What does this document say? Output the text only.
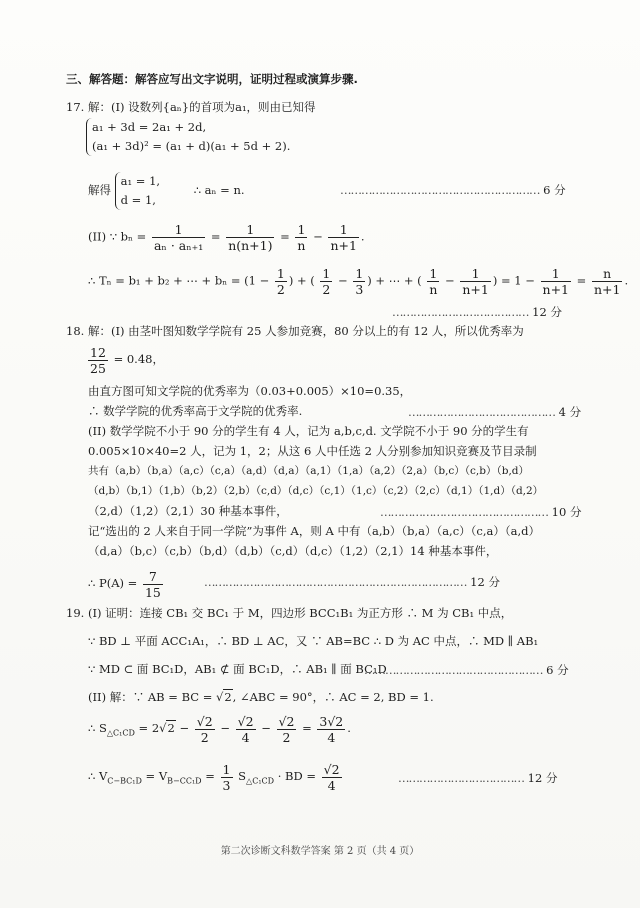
三、解答题：解答应写出文字说明，证明过程或演算步骤.
17. 解：(I) 设数列{aₙ}的首项为a₁，则由已知得
a₁ + 3d = 2a₁ + 2d,
(a₁ + 3d)² = (a₁ + d)(a₁ + 5d + 2).
解得
a₁ = 1,
d = 1,
∴ aₙ = n.	………………………………………………… 6 分
(II) ∵ $b_n = \frac{1}{\text{aₙ · aₙ₊₁}} = \frac{1}{n(n+1)} = \frac{1}{n} - \frac{1}{n+1}$ .
∴ Tₙ = b₁ + b₂ + ⋯ + $b_n = (1 - \frac{1}{2}$ ) + ( $\frac{1}{2} - \frac{1}{3}$ ) + ⋯ + ( $\frac{1}{n} - \frac{1}{n+1}$ ) = $1 - \frac{1}{n+1} = \frac{n}{n+1}$ .
………………………………… 12 分
18. 解：(I) 由茎叶图知数学学院有 25 人参加竞赛，80 分以上的有 12 人，所以优秀率为
$\frac{12}{25} = 0.48$，
由直方图可知文学院的优秀率为（0.03+0.005）×10=0.35，
∴ 数学学院的优秀率高于文学院的优秀率.	…………………………………… 4 分
(II) 数学学院不小于 90 分的学生有 4 人，记为 a,b,c,d. 文学院不小于 90 分的学生有
0.005×10×40=2 人，记为 1，2；从这 6 人中任选 2 人分别参加知识竞赛及节目录制
共有（a,b）（b,a）（a,c）（c,a）（a,d）（d,a）（a,1）（1,a）（a,2）（2,a）（b,c）（c,b）（b,d）
（d,b）（b,1）（1,b）（b,2）（2,b）（c,d）（d,c）（c,1）（1,c）（c,2）（2,c）（d,1）（1,d）（d,2）
（2,d）（1,2）（2,1）30 种基本事件，	………………………………………… 10 分
记“选出的 2 人来自于同一学院”为事件 A，则 A 中有（a,b）（b,a）（a,c）（c,a）（a,d）
（d,a）（b,c）（c,b）（b,d）（d,b）（c,d）（d,c）（1,2）（2,1）14 种基本事件，
∴ $P(A) = \frac{7}{15}$	………………………………………………………………… 12 分
19. (I) 证明：连接 CB₁ 交 BC₁ 于 M，四边形 BCC₁B₁ 为正方形 ∴ M 为 CB₁ 中点，
∵ BD ⊥ 平面 ACC₁A₁，∴ BD ⊥ AC，又 ∵ AB=BC ∴ D 为 AC 中点，∴ MD ∥ AB₁
∵ MD ⊂ 面 BC₁D，AB₁ ⊄ 面 BC₁D，∴ AB₁ ∥ 面 BC₁D
…………………………………………… 6 分
(II) 解：∵ AB = BC = √2, ∠ABC = 90°，∴ AC = 2, BD = 1.
∴ $S_{\triangle C_1CD} = 2√2 - \frac{√2}{2} - \frac{√2}{4} - \frac{√2}{2} = \frac{3√2}{4}$ .
∴ $V_{C-BC_1D} = V_{B-CC_1D} = \frac{1}{3} S_{\triangle C_1CD}$ · BD = $\frac{√2}{4}$	……………………………… 12 分
第二次诊断文科数学答案 第 2 页（共 4 页）
